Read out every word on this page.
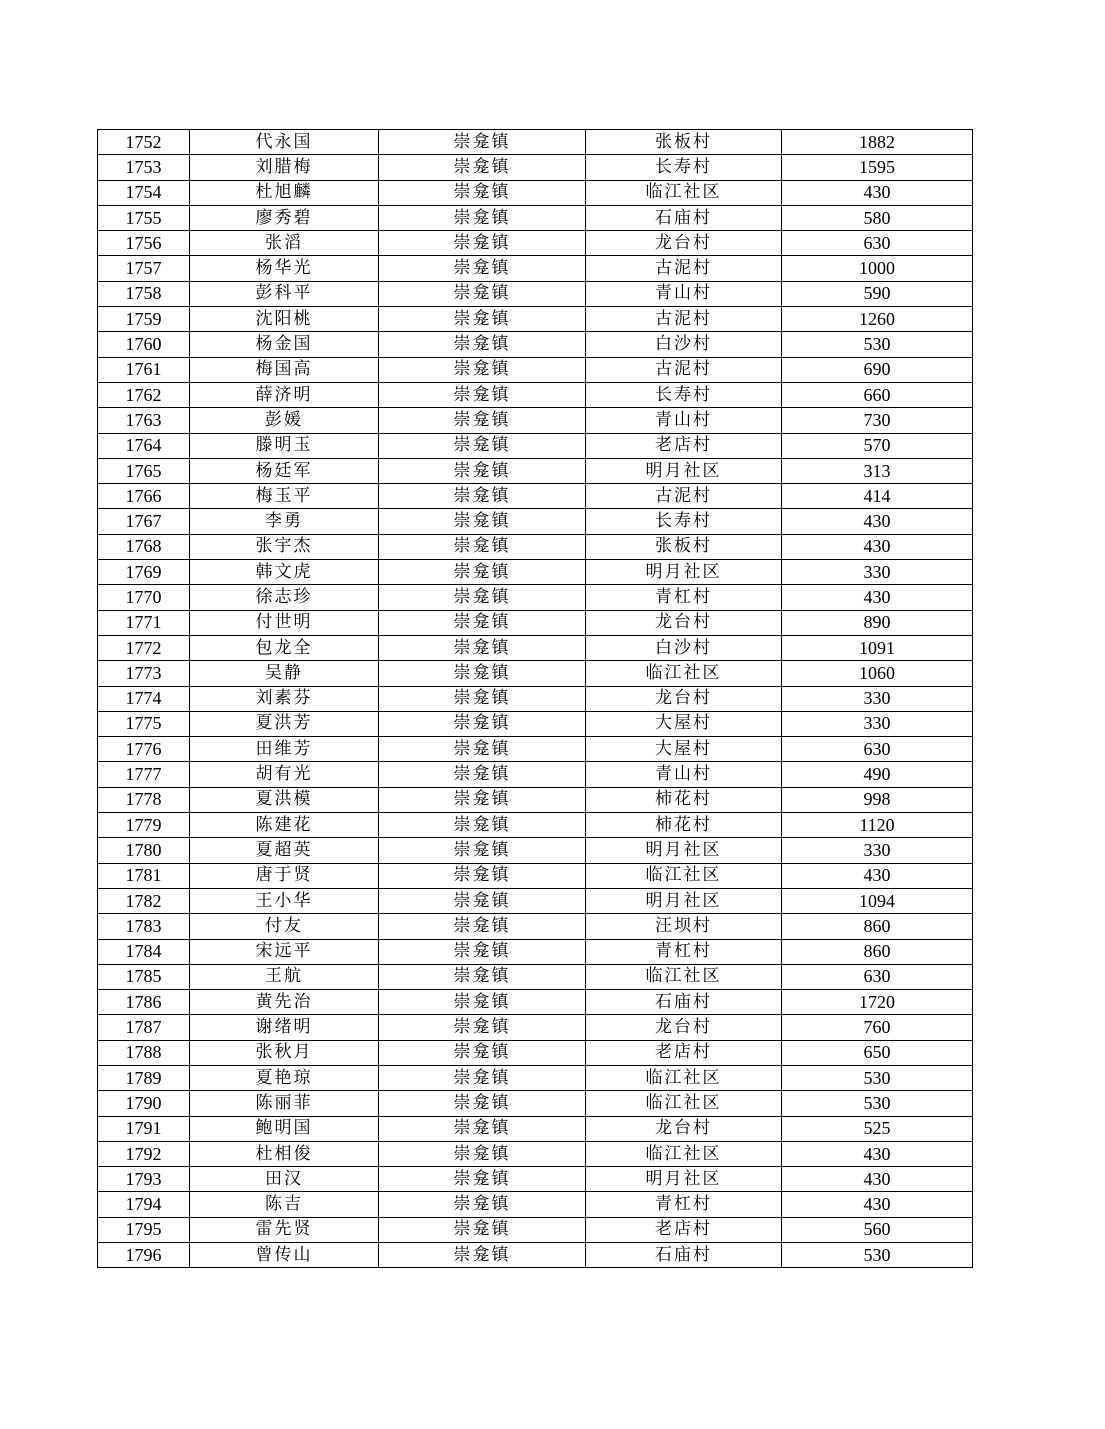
1752	代永国	崇龛镇	张板村	1882
1753	刘腊梅	崇龛镇	长寿村	1595
1754	杜旭麟	崇龛镇	临江社区	430
1755	廖秀碧	崇龛镇	石庙村	580
1756	张滔	崇龛镇	龙台村	630
1757	杨华光	崇龛镇	古泥村	1000
1758	彭科平	崇龛镇	青山村	590
1759	沈阳桃	崇龛镇	古泥村	1260
1760	杨金国	崇龛镇	白沙村	530
1761	梅国高	崇龛镇	古泥村	690
1762	薛济明	崇龛镇	长寿村	660
1763	彭媛	崇龛镇	青山村	730
1764	滕明玉	崇龛镇	老店村	570
1765	杨廷军	崇龛镇	明月社区	313
1766	梅玉平	崇龛镇	古泥村	414
1767	李勇	崇龛镇	长寿村	430
1768	张宇杰	崇龛镇	张板村	430
1769	韩文虎	崇龛镇	明月社区	330
1770	徐志珍	崇龛镇	青杠村	430
1771	付世明	崇龛镇	龙台村	890
1772	包龙全	崇龛镇	白沙村	1091
1773	吴静	崇龛镇	临江社区	1060
1774	刘素芬	崇龛镇	龙台村	330
1775	夏洪芳	崇龛镇	大屋村	330
1776	田维芳	崇龛镇	大屋村	630
1777	胡有光	崇龛镇	青山村	490
1778	夏洪模	崇龛镇	柿花村	998
1779	陈建花	崇龛镇	柿花村	1120
1780	夏超英	崇龛镇	明月社区	330
1781	唐于贤	崇龛镇	临江社区	430
1782	王小华	崇龛镇	明月社区	1094
1783	付友	崇龛镇	汪坝村	860
1784	宋远平	崇龛镇	青杠村	860
1785	王航	崇龛镇	临江社区	630
1786	黄先治	崇龛镇	石庙村	1720
1787	谢绪明	崇龛镇	龙台村	760
1788	张秋月	崇龛镇	老店村	650
1789	夏艳琼	崇龛镇	临江社区	530
1790	陈丽菲	崇龛镇	临江社区	530
1791	鲍明国	崇龛镇	龙台村	525
1792	杜相俊	崇龛镇	临江社区	430
1793	田汉	崇龛镇	明月社区	430
1794	陈吉	崇龛镇	青杠村	430
1795	雷先贤	崇龛镇	老店村	560
1796	曾传山	崇龛镇	石庙村	530
